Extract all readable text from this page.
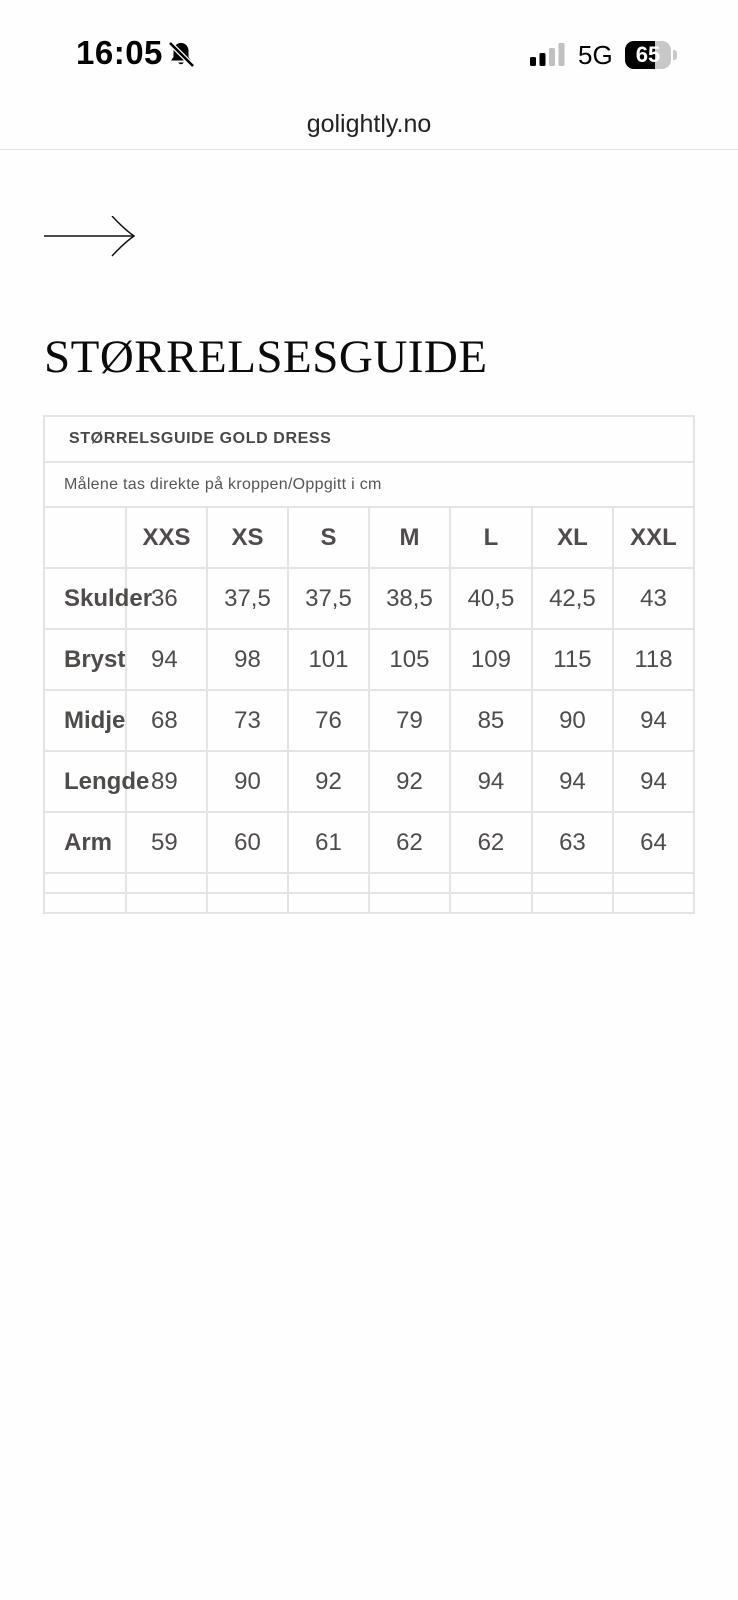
16:05	5G	65
golightly.no
STØRRELSESGUIDE
STØRRELSGUIDE GOLD DRESS							
Målene tas direkte på kroppen/Oppgitt i cm							
	XXS	XS	S	M	L	XL	XXL
Skulder	36	37,5	37,5	38,5	40,5	42,5	43
Bryst	94	98	101	105	109	115	118
Midje	68	73	76	79	85	90	94
Lengde	89	90	92	92	94	94	94
Arm	59	60	61	62	62	63	64
